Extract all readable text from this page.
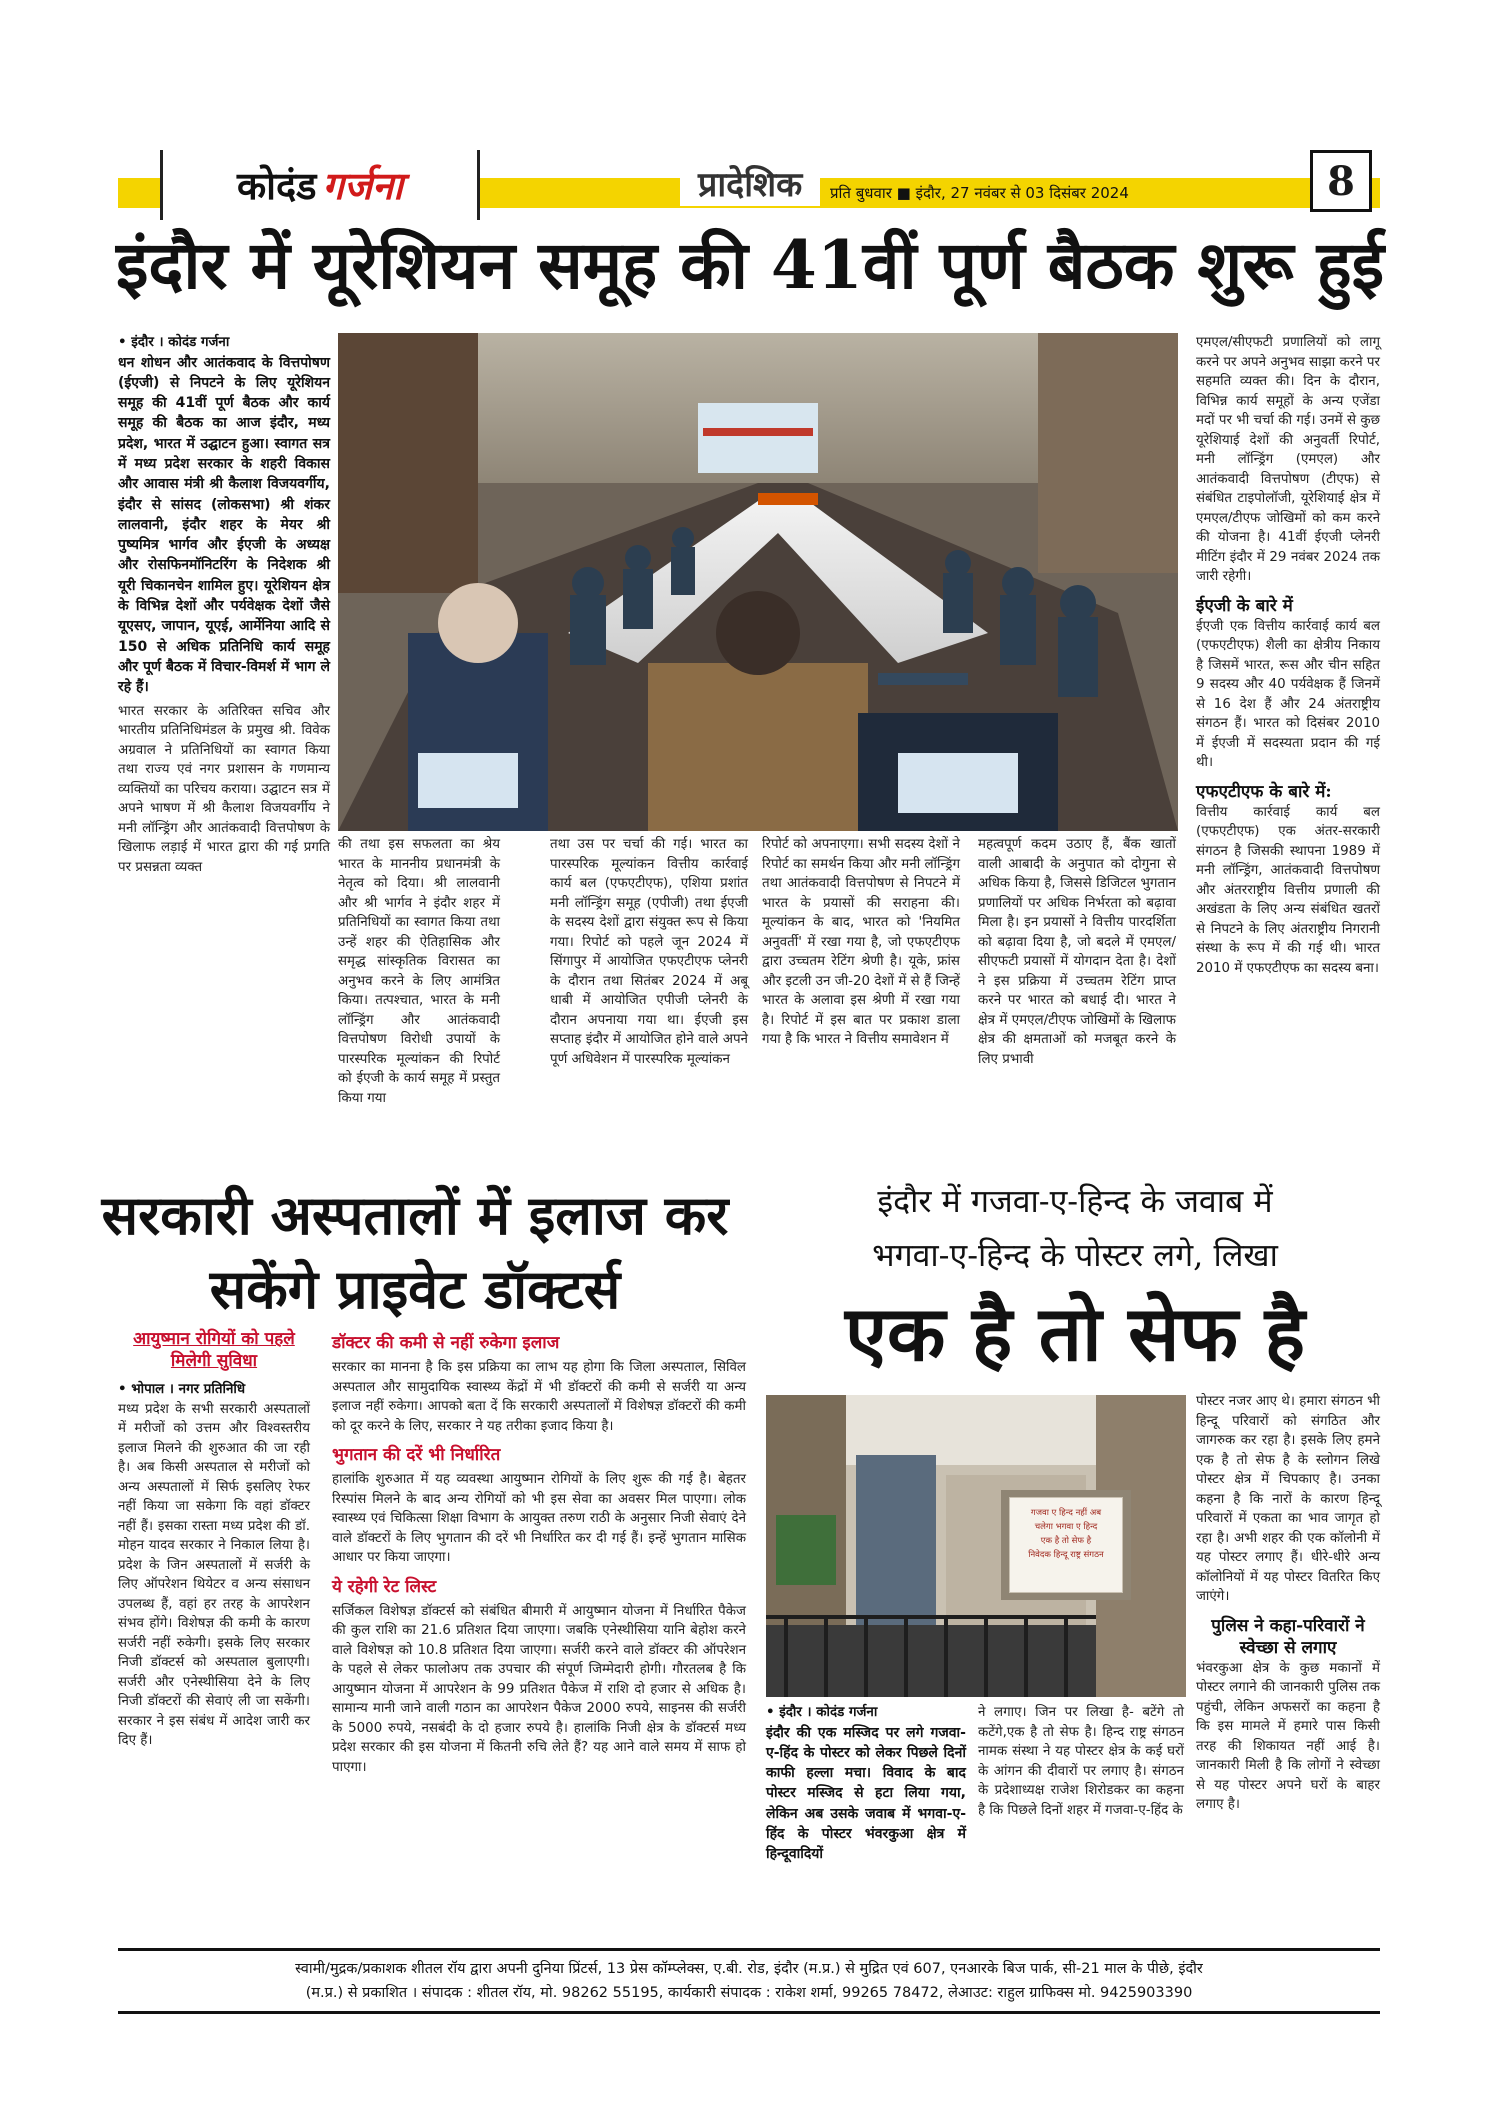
कोदंड गर्जना	प्रादेशिक	प्रति बुधवार ■ इंदौर, 27 नवंबर से 03 दिसंबर 2024	8
इंदौर में यूरेशियन समूह की 41वीं पूर्ण बैठक शुरू हुई

• इंदौर । कोदंड गर्जना

धन शोधन और आतंकवाद के वित्तपोषण (ईएजी) से निपटने के लिए यूरेशियन समूह की 41वीं पूर्ण बैठक और कार्य समूह की बैठक का आज इंदौर, मध्य प्रदेश, भारत में उद्घाटन हुआ। स्वागत सत्र में मध्य प्रदेश सरकार के शहरी विकास और आवास मंत्री श्री कैलाश विजयवर्गीय, इंदौर से सांसद (लोकसभा) श्री शंकर लालवानी, इंदौर शहर के मेयर श्री पुष्यमित्र भार्गव और ईएजी के अध्यक्ष और रोसफिनमॉनिटरिंग के निदेशक श्री यूरी चिकानचेन शामिल हुए। यूरेशियन क्षेत्र के विभिन्न देशों और पर्यवेक्षक देशों जैसे यूएसए, जापान, यूएई, आर्मेनिया आदि से 150 से अधिक प्रतिनिधि कार्य समूह और पूर्ण बैठक में विचार-विमर्श में भाग ले रहे हैं।

भारत सरकार के अतिरिक्त सचिव और भारतीय प्रतिनिधिमंडल के प्रमुख श्री. विवेक अग्रवाल ने प्रतिनिधियों का स्वागत किया तथा राज्य एवं नगर प्रशासन के गणमान्य व्यक्तियों का परिचय कराया। उद्घाटन सत्र में अपने भाषण में श्री कैलाश विजयवर्गीय ने मनी लॉन्ड्रिंग और आतंकवादी वित्तपोषण के खिलाफ लड़ाई में भारत द्वारा की गई प्रगति पर प्रसन्नता व्यक्त

की तथा इस सफलता का श्रेय भारत के माननीय प्रधानमंत्री के नेतृत्व को दिया। श्री लालवानी और श्री भार्गव ने इंदौर शहर में प्रतिनिधियों का स्वागत किया तथा उन्हें शहर की ऐतिहासिक और समृद्ध सांस्कृतिक विरासत का अनुभव करने के लिए आमंत्रित किया। तत्पश्चात, भारत के मनी लॉन्ड्रिंग और आतंकवादी वित्तपोषण विरोधी उपायों के पारस्परिक मूल्यांकन की रिपोर्ट को ईएजी के कार्य समूह में प्रस्तुत किया गया
तथा उस पर चर्चा की गई। भारत का पारस्परिक मूल्यांकन वित्तीय कार्रवाई कार्य बल (एफएटीएफ), एशिया प्रशांत मनी लॉन्ड्रिंग समूह (एपीजी) तथा ईएजी के सदस्य देशों द्वारा संयुक्त रूप से किया गया। रिपोर्ट को पहले जून 2024 में सिंगापुर में आयोजित एफएटीएफ प्लेनरी के दौरान तथा सितंबर 2024 में अबू धाबी में आयोजित एपीजी प्लेनरी के दौरान अपनाया गया था। ईएजी इस सप्ताह इंदौर में आयोजित होने वाले अपने पूर्ण अधिवेशन में पारस्परिक मूल्यांकन
रिपोर्ट को अपनाएगा। सभी सदस्य देशों ने रिपोर्ट का समर्थन किया और मनी लॉन्ड्रिंग तथा आतंकवादी वित्तपोषण से निपटने में भारत के प्रयासों की सराहना की। मूल्यांकन के बाद, भारत को 'नियमित अनुवर्ती' में रखा गया है, जो एफएटीएफ द्वारा उच्चतम रेटिंग श्रेणी है। यूके, फ्रांस और इटली उन जी-20 देशों में से हैं जिन्हें भारत के अलावा इस श्रेणी में रखा गया है। रिपोर्ट में इस बात पर प्रकाश डाला गया है कि भारत ने वित्तीय समावेशन में
महत्वपूर्ण कदम उठाए हैं, बैंक खातों वाली आबादी के अनुपात को दोगुना से अधिक किया है, जिससे डिजिटल भुगतान प्रणालियों पर अधिक निर्भरता को बढ़ावा मिला है। इन प्रयासों ने वित्तीय पारदर्शिता को बढ़ावा दिया है, जो बदले में एमएल/सीएफटी प्रयासों में योगदान देता है। देशों ने इस प्रक्रिया में उच्चतम रेटिंग प्राप्त करने पर भारत को बधाई दी। भारत ने क्षेत्र में एमएल/टीएफ जोखिमों के खिलाफ क्षेत्र की क्षमताओं को मजबूत करने के लिए प्रभावी

एमएल/सीएफटी प्रणालियों को लागू करने पर अपने अनुभव साझा करने पर सहमति व्यक्त की। दिन के दौरान, विभिन्न कार्य समूहों के अन्य एजेंडा मदों पर भी चर्चा की गई। उनमें से कुछ यूरेशियाई देशों की अनुवर्ती रिपोर्ट, मनी लॉन्ड्रिंग (एमएल) और आतंकवादी वित्तपोषण (टीएफ) से संबंधित टाइपोलॉजी, यूरेशियाई क्षेत्र में एमएल/टीएफ जोखिमों को कम करने की योजना है। 41वीं ईएजी प्लेनरी मीटिंग इंदौर में 29 नवंबर 2024 तक जारी रहेगी।

ईएजी के बारे में

ईएजी एक वित्तीय कार्रवाई कार्य बल (एफएटीएफ) शैली का क्षेत्रीय निकाय है जिसमें भारत, रूस और चीन सहित 9 सदस्य और 40 पर्यवेक्षक हैं जिनमें से 16 देश हैं और 24 अंतराष्ट्रीय संगठन हैं। भारत को दिसंबर 2010 में ईएजी में सदस्यता प्रदान की गई थी।

एफएटीएफ के बारे में:

वित्तीय कार्रवाई कार्य बल (एफएटीएफ) एक अंतर-सरकारी संगठन है जिसकी स्थापना 1989 में मनी लॉन्ड्रिंग, आतंकवादी वित्तपोषण और अंतरराष्ट्रीय वित्तीय प्रणाली की अखंडता के लिए अन्य संबंधित खतरों से निपटने के लिए अंतराष्ट्रीय निगरानी संस्था के रूप में की गई थी। भारत 2010 में एफएटीएफ का सदस्य बना।

सरकारी अस्पतालों में इलाज कर सकेंगे प्राइवेट डॉक्टर्स

आयुष्मान रोगियों को पहले मिलेगी सुविधा

• भोपाल । नगर प्रतिनिधि

मध्य प्रदेश के सभी सरकारी अस्पतालों में मरीजों को उत्तम और विश्वस्तरीय इलाज मिलने की शुरुआत की जा रही है। अब किसी अस्पताल से मरीजों को अन्य अस्पतालों में सिर्फ इसलिए रेफर नहीं किया जा सकेगा कि वहां डॉक्टर नहीं हैं। इसका रास्ता मध्य प्रदेश की डॉ. मोहन यादव सरकार ने निकाल लिया है। प्रदेश के जिन अस्पतालों में सर्जरी के लिए ऑपरेशन थियेटर व अन्य संसाधन उपलब्ध हैं, वहां हर तरह के आपरेशन संभव होंगे। विशेषज्ञ की कमी के कारण सर्जरी नहीं रुकेगी। इसके लिए सरकार निजी डॉक्टर्स को अस्पताल बुलाएगी। सर्जरी और एनेस्थीसिया देने के लिए निजी डॉक्टरों की सेवाएं ली जा सकेंगी। सरकार ने इस संबंध में आदेश जारी कर दिए हैं।

डॉक्टर की कमी से नहीं रुकेगा इलाज

सरकार का मानना है कि इस प्रक्रिया का लाभ यह होगा कि जिला अस्पताल, सिविल अस्पताल और सामुदायिक स्वास्थ्य केंद्रों में भी डॉक्टरों की कमी से सर्जरी या अन्य इलाज नहीं रुकेगा। आपको बता दें कि सरकारी अस्पतालों में विशेषज्ञ डॉक्टरों की कमी को दूर करने के लिए, सरकार ने यह तरीका इजाद किया है।

भुगतान की दरें भी निर्धारित

हालांकि शुरुआत में यह व्यवस्था आयुष्मान रोगियों के लिए शुरू की गई है। बेहतर रिस्पांस मिलने के बाद अन्य रोगियों को भी इस सेवा का अवसर मिल पाएगा। लोक स्वास्थ्य एवं चिकित्सा शिक्षा विभाग के आयुक्त तरुण राठी के अनुसार निजी सेवाएं देने वाले डॉक्टरों के लिए भुगतान की दरें भी निर्धारित कर दी गई हैं। इन्हें भुगतान मासिक आधार पर किया जाएगा।

ये रहेगी रेट लिस्ट

सर्जिकल विशेषज्ञ डॉक्टर्स को संबंधित बीमारी में आयुष्मान योजना में निर्धारित पैकेज की कुल राशि का 21.6 प्रतिशत दिया जाएगा। जबकि एनेस्थीसिया यानि बेहोश करने वाले विशेषज्ञ को 10.8 प्रतिशत दिया जाएगा। सर्जरी करने वाले डॉक्टर की ऑपरेशन के पहले से लेकर फालोअप तक उपचार की संपूर्ण जिम्मेदारी होगी। गौरतलब है कि आयुष्मान योजना में आपरेशन के 99 प्रतिशत पैकेज में राशि दो हजार से अधिक है। सामान्य मानी जाने वाली गठान का आपरेशन पैकेज 2000 रुपये, साइनस की सर्जरी के 5000 रुपये, नसबंदी के दो हजार रुपये है। हालांकि निजी क्षेत्र के डॉक्टर्स मध्य प्रदेश सरकार की इस योजना में कितनी रुचि लेते हैं? यह आने वाले समय में साफ हो पाएगा।

इंदौर में गजवा-ए-हिन्द के जवाब में
भगवा-ए-हिन्द के पोस्टर लगे, लिखा
एक है तो सेफ है
गजवा ए हिन्द नहीं अब
चलेगा भगवा ए हिन्द
एक है तो सेफ है
निवेदक हिन्दू राष्ट्र संगठन

• इंदौर । कोदंड गर्जना

इंदौर की एक मस्जिद पर लगे गजवा-ए-हिंद के पोस्टर को लेकर पिछले दिनों काफी हल्ला मचा। विवाद के बाद पोस्टर मस्जिद से हटा लिया गया, लेकिन अब उसके जवाब में भगवा-ए-हिंद के पोस्टर भंवरकुआ क्षेत्र में हिन्दूवादियों

ने लगाए। जिन पर लिखा है- बटेंगे तो कटेंगे,एक है तो सेफ है। हिन्द राष्ट्र संगठन नामक संस्था ने यह पोस्टर क्षेत्र के कई घरों के आंगन की दीवारों पर लगाए है। संगठन के प्रदेशाध्यक्ष राजेश शिरोडकर का कहना है कि पिछले दिनों शहर में गजवा-ए-हिंद के

पोस्टर नजर आए थे। हमारा संगठन भी हिन्दू परिवारों को संगठित और जागरुक कर रहा है। इसके लिए हमने एक है तो सेफ है के स्लोगन लिखे पोस्टर क्षेत्र में चिपकाए है। उनका कहना है कि नारों के कारण हिन्दू परिवारों में एकता का भाव जागृत हो रहा है। अभी शहर की एक कॉलोनी में यह पोस्टर लगाए हैं। धीरे-धीरे अन्य कॉलोनियों में यह पोस्टर वितरित किए जाएंगे।

पुलिस ने कहा-परिवारों ने स्वेच्छा से लगाए

भंवरकुआ क्षेत्र के कुछ मकानों में पोस्टर लगाने की जानकारी पुलिस तक पहुंची, लेकिन अफसरों का कहना है कि इस मामले में हमारे पास किसी तरह की शिकायत नहीं आई है। जानकारी मिली है कि लोगों ने स्वेच्छा से यह पोस्टर अपने घरों के बाहर लगाए है।

स्वामी/मुद्रक/प्रकाशक शीतल रॉय द्वारा अपनी दुनिया प्रिंटर्स, 13 प्रेस कॉम्प्लेक्स, ए.बी. रोड, इंदौर (म.प्र.) से मुद्रित एवं 607, एनआरके बिज पार्क, सी-21 माल के पीछे, इंदौर
(म.प्र.) से प्रकाशित । संपादक : शीतल रॉय, मो. 98262 55195, कार्यकारी संपादक : राकेश शर्मा, 99265 78472, लेआउट: राहुल ग्राफिक्स मो. 9425903390
